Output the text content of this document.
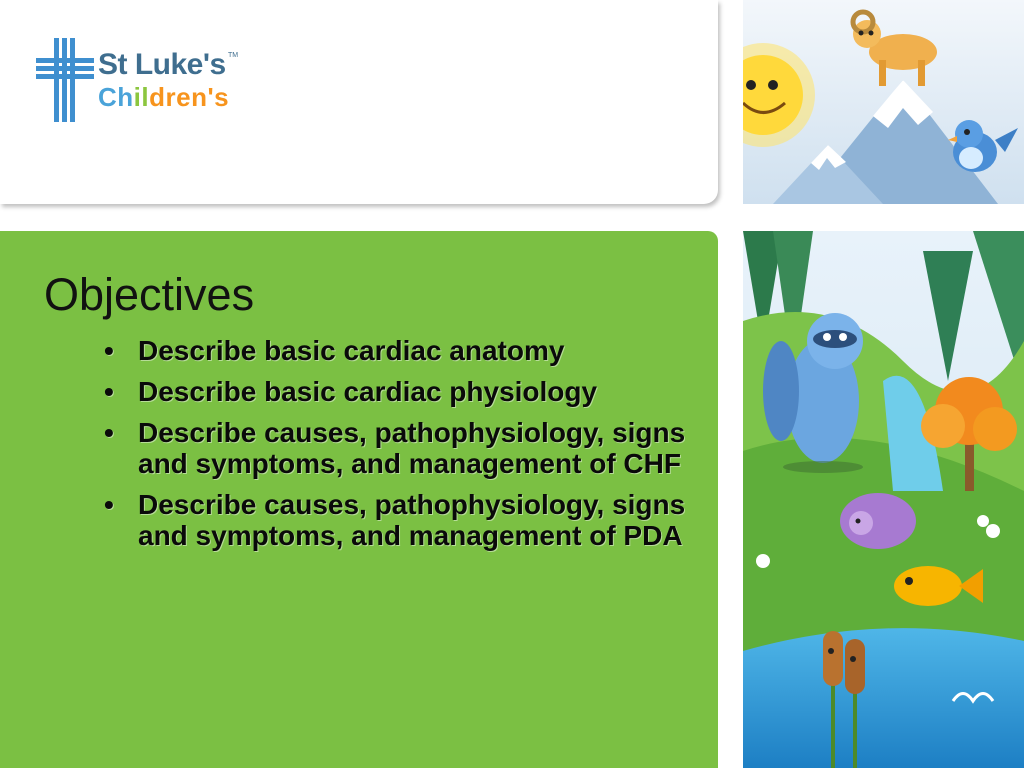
St Luke's TM
Children's
Objectives
• Describe basic cardiac anatomy
• Describe basic cardiac physiology
• Describe causes, pathophysiology, signs and symptoms, and management of CHF
• Describe causes, pathophysiology, signs and symptoms, and management of PDA
